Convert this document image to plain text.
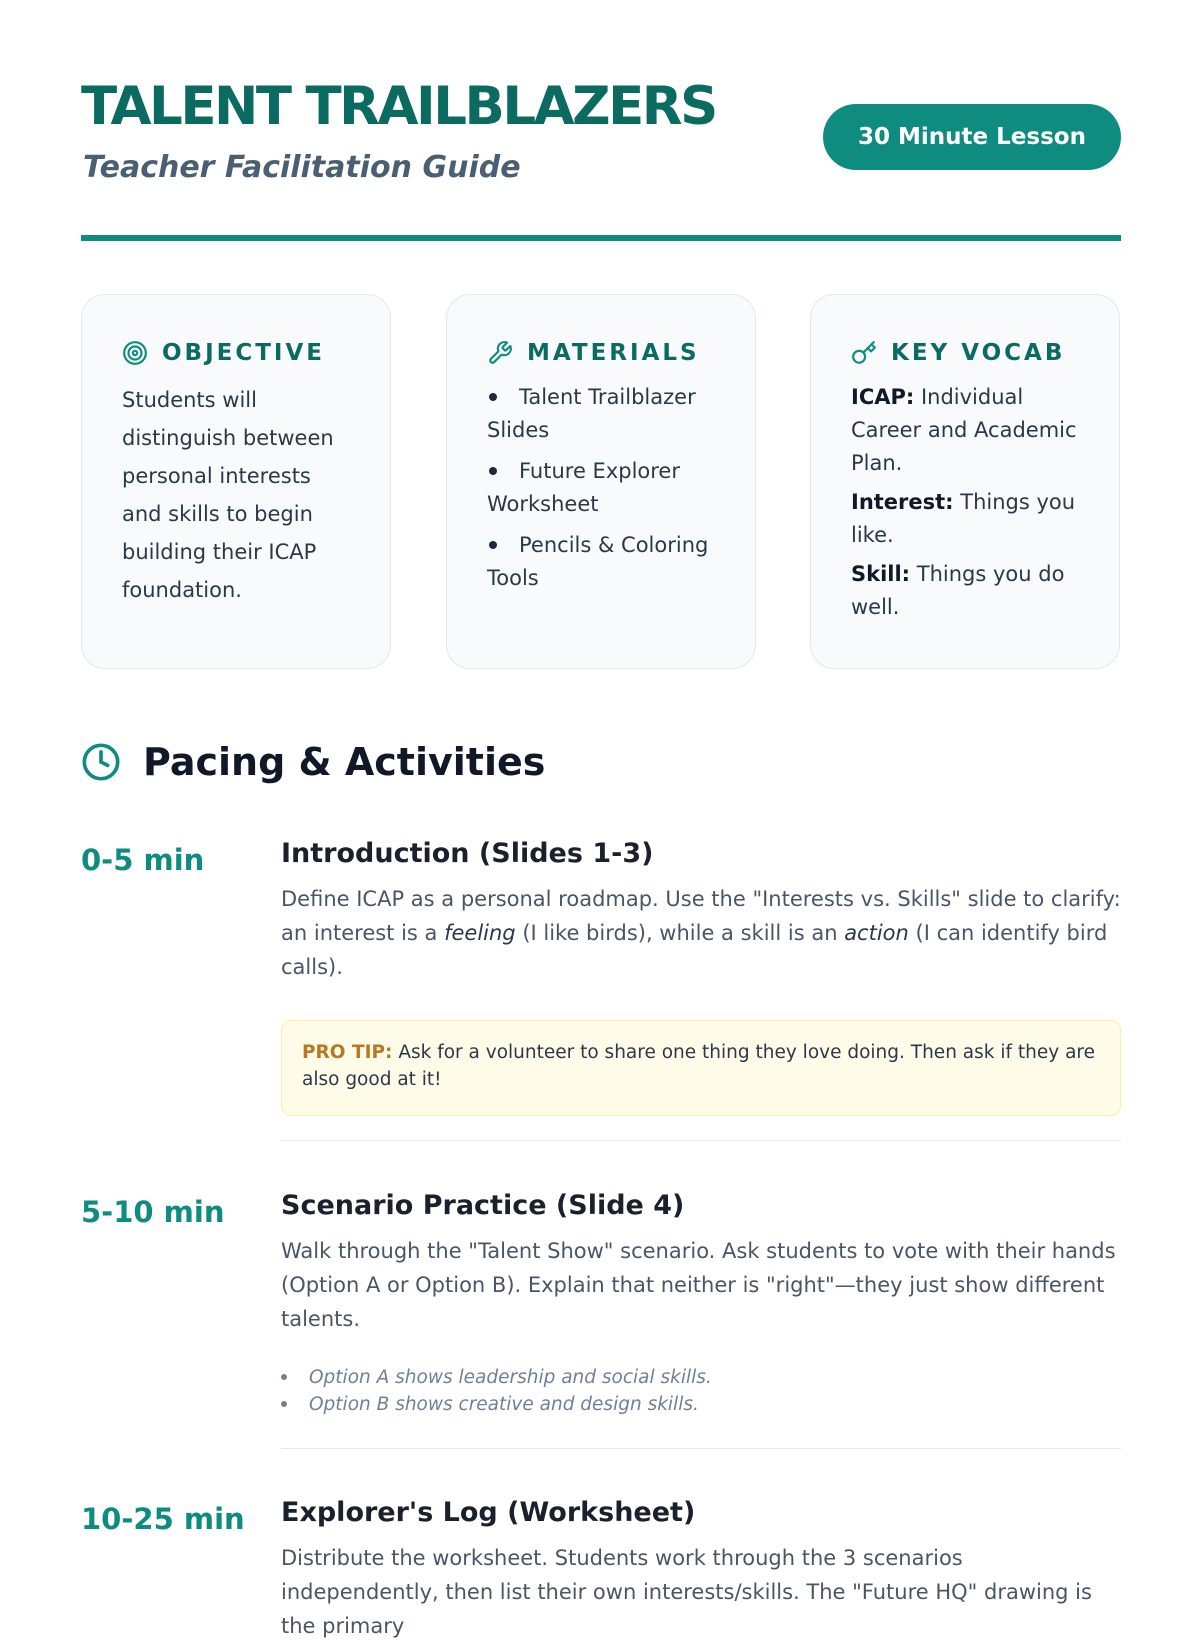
TALENT TRAILBLAZERS
Teacher Facilitation Guide
30 Minute Lesson
OBJECTIVE
Students will distinguish between personal interests and skills to begin building their ICAP foundation.
MATERIALS
Talent Trailblazer Slides
Future Explorer Worksheet
Pencils & Coloring Tools
KEY VOCAB

ICAP: Individual Career and Academic Plan.

Interest: Things you like.

Skill: Things you do well.

Pacing & Activities
0-5 min	Introduction (Slides 1-3)

Define ICAP as a personal roadmap. Use the "Interests vs. Skills" slide to clarify: an interest is a feeling (I like birds), while a skill is an action (I can identify bird calls).

PRO TIP: Ask for a volunteer to share one thing they love doing. Then ask if they are also good at it!
5-10 min	Scenario Practice (Slide 4)

Walk through the "Talent Show" scenario. Ask students to vote with their hands (Option A or Option B). Explain that neither is "right"—they just show different talents.

Option A shows leadership and social skills.
Option B shows creative and design skills.
10-25 min	Explorer's Log (Worksheet)

Distribute the worksheet. Students work through the 3 scenarios independently, then list their own interests/skills. The "Future HQ" drawing is the primary
